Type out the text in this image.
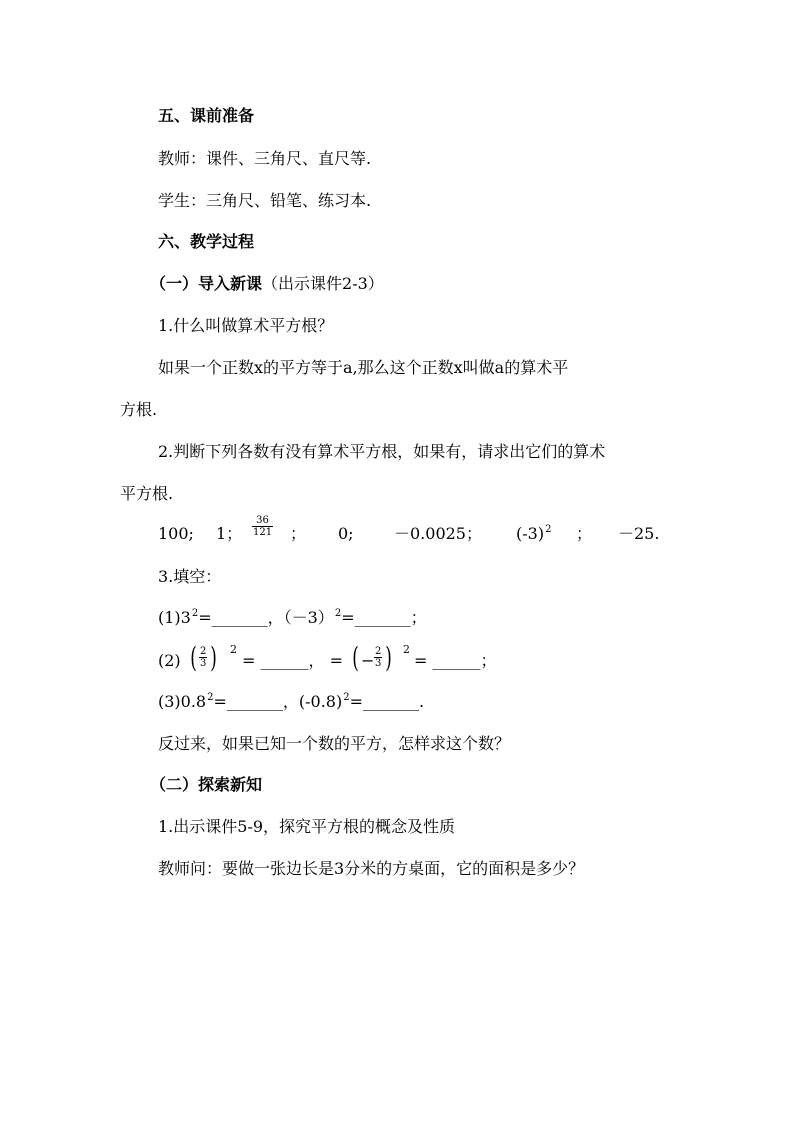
五、课前准备
教师：课件、三角尺、直尺等.
学生：三角尺、铅笔、练习本.
六、教学过程
（一）导入新课（出示课件2-3）
1.什么叫做算术平方根？
如果一个正数x的平方等于a,那么这个正数x叫做a的算术平
方根.
2.判断下列各数有没有算术平方根，如果有，请求出它们的算术
平方根.
100; 1； $\frac{36}{121}$ ； 0;	－0.0025； $(-3)^2$ ； －25.
3.填空：
$(1)3^2=\_\_\_\_\_\_\_$，$(-3)^2=\_\_\_\_\_\_\_$；
(2) ( $\frac{2}{3}$ ) 2
= ______， = ( − $\frac{2}{3}$ ) 2
= ______；
$(3)0.8^2=\_\_\_\_\_\_\_$，$(-0.8)^2=\_\_\_\_\_\_\_$.
反过来，如果已知一个数的平方，怎样求这个数？
（二）探索新知
1.出示课件5-9，探究平方根的概念及性质
教师问：要做一张边长是3分米的方桌面，它的面积是多少？
